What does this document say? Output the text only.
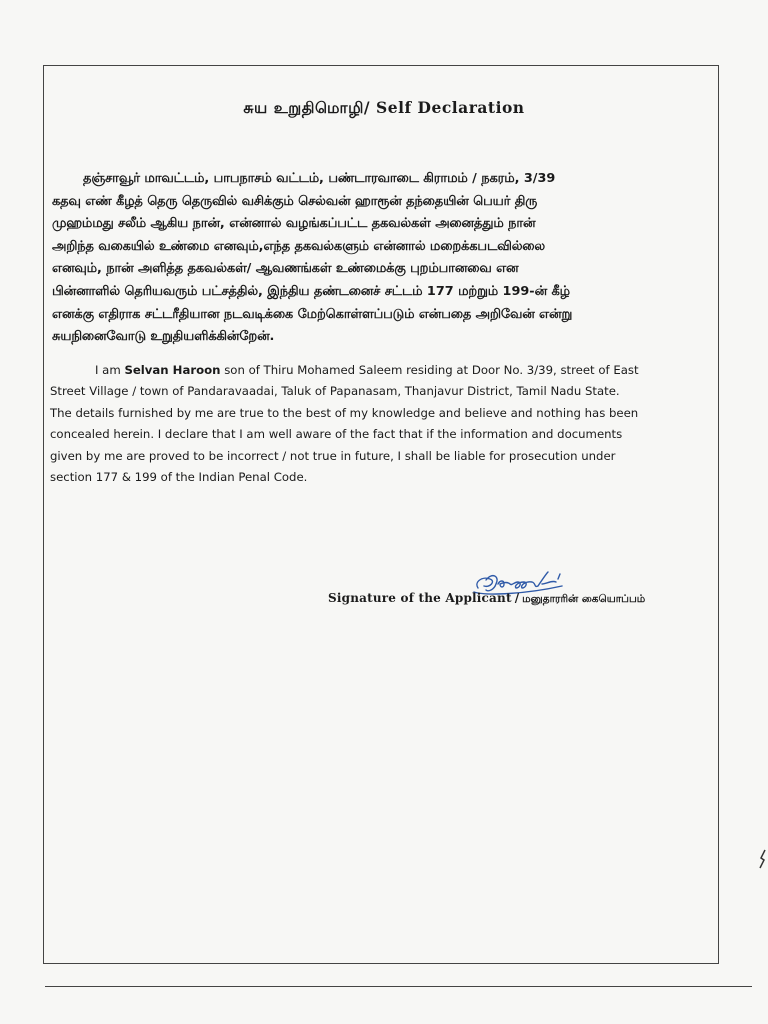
சுய உறுதிமொழி/ Self Declaration
தஞ்சாவூர் மாவட்டம், பாபநாசம் வட்டம், பண்டாரவாடை கிராமம் / நகரம், 3/39
கதவு எண் கீழத் தெரு தெருவில் வசிக்கும் செல்வன் ஹாரூன் தந்தையின் பெயர் திரு
முஹம்மது சலீம் ஆகிய நான், என்னால் வழங்கப்பட்ட தகவல்கள் அனைத்தும் நான்
அறிந்த வகையில் உண்மை எனவும்,எந்த தகவல்களும் என்னால் மறைக்கபடவில்லை
எனவும், நான் அளித்த தகவல்கள்/ ஆவணங்கள் உண்மைக்கு புறம்பானவை என
பின்னாளில் தெரியவரும் பட்சத்தில், இந்திய தண்டனைச் சட்டம் 177 மற்றும் 199-ன் கீழ்
எனக்கு எதிராக சட்டரீதியான நடவடிக்கை மேற்கொள்ளப்படும் என்பதை அறிவேன் என்று
சுயநினைவோடு உறுதியளிக்கின்றேன்.
I am Selvan Haroon son of Thiru Mohamed Saleem residing at Door No. 3/39, street of East
Street Village / town of Pandaravaadai, Taluk of Papanasam, Thanjavur District, Tamil Nadu State.
The details furnished by me are true to the best of my knowledge and believe and nothing has been
concealed herein. I declare that I am well aware of the fact that if the information and documents
given by me are proved to be incorrect / not true in future, I shall be liable for prosecution under
section 177 & 199 of the Indian Penal Code.
Signature of the Applicant / மனுதாரரின் கையொப்பம்
